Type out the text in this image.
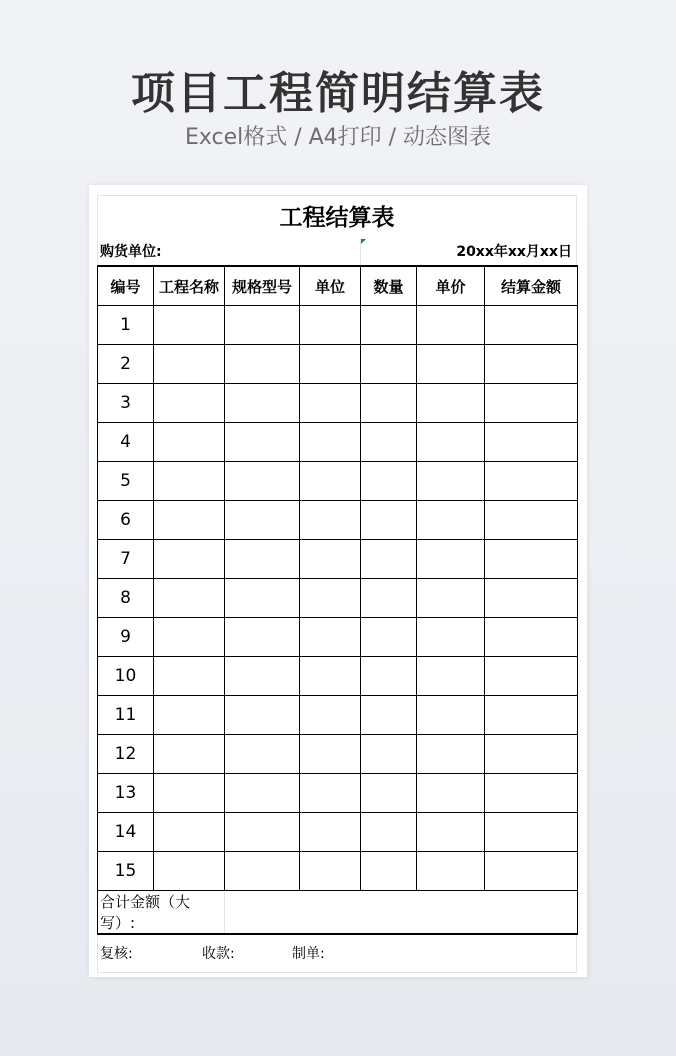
项目工程简明结算表
Excel格式 / A4打印 / 动态图表
工程结算表
购货单位:	20xx年xx月xx日
编号	工程名称	规格型号	单位	数量	单价	结算金额
1						
2						
3						
4						
5						
6						
7						
8						
9						
10						
11						
12						
13						
14						
15						
合计金额（大写）:						
复核:	收款:	制单:
